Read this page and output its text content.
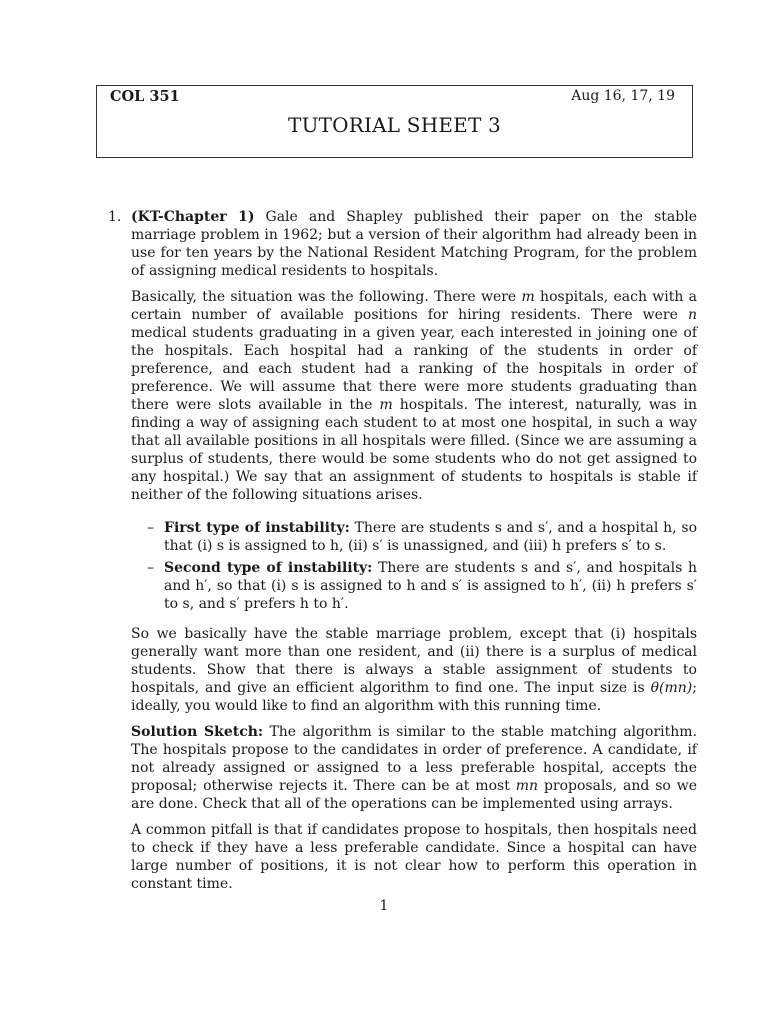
COL 351	Aug 16, 17, 19
TUTORIAL SHEET 3

1. (KT-Chapter 1) Gale and Shapley published their paper on the stable marriage problem in 1962; but a version of their algorithm had already been in use for ten years by the National Resident Matching Program, for the problem of assigning medical residents to hospitals.

Basically, the situation was the following. There were m hospitals, each with a certain number of available positions for hiring residents. There were n medical students graduating in a given year, each interested in joining one of the hospitals. Each hospital had a ranking of the students in order of preference, and each student had a ranking of the hospitals in order of preference. We will assume that there were more students graduating than there were slots available in the m hospitals. The interest, naturally, was in finding a way of assigning each student to at most one hospital, in such a way that all available positions in all hospitals were filled. (Since we are assuming a surplus of students, there would be some students who do not get assigned to any hospital.) We say that an assignment of students to hospitals is stable if neither of the following situations arises.

– First type of instability: There are students s and s′, and a hospital h, so that (i) s is assigned to h, (ii) s′ is unassigned, and (iii) h prefers s′ to s.
– Second type of instability: There are students s and s′, and hospitals h and h′, so that (i) s is assigned to h and s′ is assigned to h′, (ii) h prefers s′ to s, and s′ prefers h to h′.

So we basically have the stable marriage problem, except that (i) hospitals generally want more than one resident, and (ii) there is a surplus of medical students. Show that there is always a stable assignment of students to hospitals, and give an efficient algorithm to find one. The input size is θ(mn); ideally, you would like to find an algorithm with this running time.

Solution Sketch: The algorithm is similar to the stable matching algorithm. The hospitals propose to the candidates in order of preference. A candidate, if not already assigned or assigned to a less preferable hospital, accepts the proposal; otherwise rejects it. There can be at most mn proposals, and so we are done. Check that all of the operations can be implemented using arrays.

A common pitfall is that if candidates propose to hospitals, then hospitals need to check if they have a less preferable candidate. Since a hospital can have large number of positions, it is not clear how to perform this operation in constant time.

1
